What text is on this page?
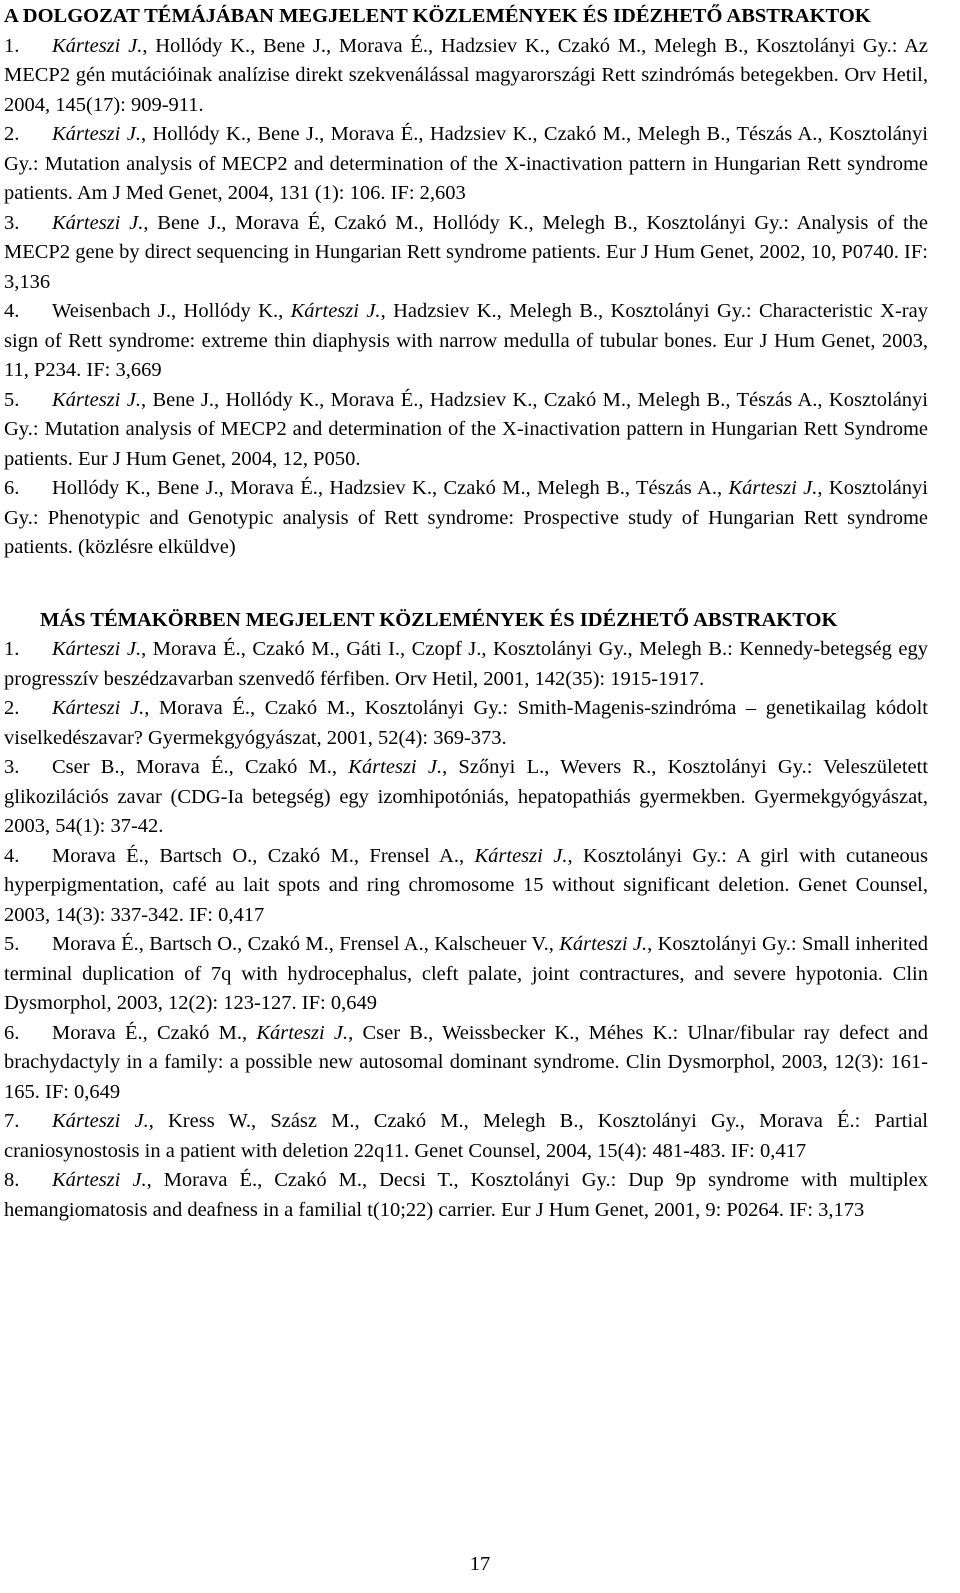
A DOLGOZAT TÉMÁJÁBAN MEGJELENT KÖZLEMÉNYEK ÉS IDÉZHETŐ ABSTRAKTOK
1. Kárteszi J., Hollódy K., Bene J., Morava É., Hadzsiev K., Czakó M., Melegh B., Kosztolányi Gy.: Az MECP2 gén mutációinak analízise direkt szekvenálással magyarországi Rett szindrómás betegekben. Orv Hetil, 2004, 145(17): 909-911.
2. Kárteszi J., Hollódy K., Bene J., Morava É., Hadzsiev K., Czakó M., Melegh B., Tészás A., Kosztolányi Gy.: Mutation analysis of MECP2 and determination of the X-inactivation pattern in Hungarian Rett syndrome patients. Am J Med Genet, 2004, 131 (1): 106. IF: 2,603
3. Kárteszi J., Bene J., Morava É, Czakó M., Hollódy K., Melegh B., Kosztolányi Gy.: Analysis of the MECP2 gene by direct sequencing in Hungarian Rett syndrome patients. Eur J Hum Genet, 2002, 10, P0740. IF: 3,136
4. Weisenbach J., Hollódy K., Kárteszi J., Hadzsiev K., Melegh B., Kosztolányi Gy.: Characteristic X-ray sign of Rett syndrome: extreme thin diaphysis with narrow medulla of tubular bones. Eur J Hum Genet, 2003, 11, P234. IF: 3,669
5. Kárteszi J., Bene J., Hollódy K., Morava É., Hadzsiev K., Czakó M., Melegh B., Tészás A., Kosztolányi Gy.: Mutation analysis of MECP2 and determination of the X-inactivation pattern in Hungarian Rett Syndrome patients. Eur J Hum Genet, 2004, 12, P050.
6. Hollódy K., Bene J., Morava É., Hadzsiev K., Czakó M., Melegh B., Tészás A., Kárteszi J., Kosztolányi Gy.: Phenotypic and Genotypic analysis of Rett syndrome: Prospective study of Hungarian Rett syndrome patients. (közlésre elküldve)
MÁS TÉMAKÖRBEN MEGJELENT KÖZLEMÉNYEK ÉS IDÉZHETŐ ABSTRAKTOK
1. Kárteszi J., Morava É., Czakó M., Gáti I., Czopf J., Kosztolányi Gy., Melegh B.: Kennedy-betegség egy progresszív beszédzavarban szenvedő férfiben. Orv Hetil, 2001, 142(35): 1915-1917.
2. Kárteszi J., Morava É., Czakó M., Kosztolányi Gy.: Smith-Magenis-szindróma – genetikailag kódolt viselkedészavar? Gyermekgyógyászat, 2001, 52(4): 369-373.
3. Cser B., Morava É., Czakó M., Kárteszi J., Szőnyi L., Wevers R., Kosztolányi Gy.: Veleszületett glikozilációs zavar (CDG-Ia betegség) egy izomhipotóniás, hepatopathiás gyermekben. Gyermekgyógyászat, 2003, 54(1): 37-42.
4. Morava É., Bartsch O., Czakó M., Frensel A., Kárteszi J., Kosztolányi Gy.: A girl with cutaneous hyperpigmentation, café au lait spots and ring chromosome 15 without significant deletion. Genet Counsel, 2003, 14(3): 337-342. IF: 0,417
5. Morava É., Bartsch O., Czakó M., Frensel A., Kalscheuer V., Kárteszi J., Kosztolányi Gy.: Small inherited terminal duplication of 7q with hydrocephalus, cleft palate, joint contractures, and severe hypotonia. Clin Dysmorphol, 2003, 12(2): 123-127. IF: 0,649
6. Morava É., Czakó M., Kárteszi J., Cser B., Weissbecker K., Méhes K.: Ulnar/fibular ray defect and brachydactyly in a family: a possible new autosomal dominant syndrome. Clin Dysmorphol, 2003, 12(3): 161-165. IF: 0,649
7. Kárteszi J., Kress W., Szász M., Czakó M., Melegh B., Kosztolányi Gy., Morava É.: Partial craniosynostosis in a patient with deletion 22q11. Genet Counsel, 2004, 15(4): 481-483. IF: 0,417
8. Kárteszi J., Morava É., Czakó M., Decsi T., Kosztolányi Gy.: Dup 9p syndrome with multiplex hemangiomatosis and deafness in a familial t(10;22) carrier. Eur J Hum Genet, 2001, 9: P0264. IF: 3,173
17
